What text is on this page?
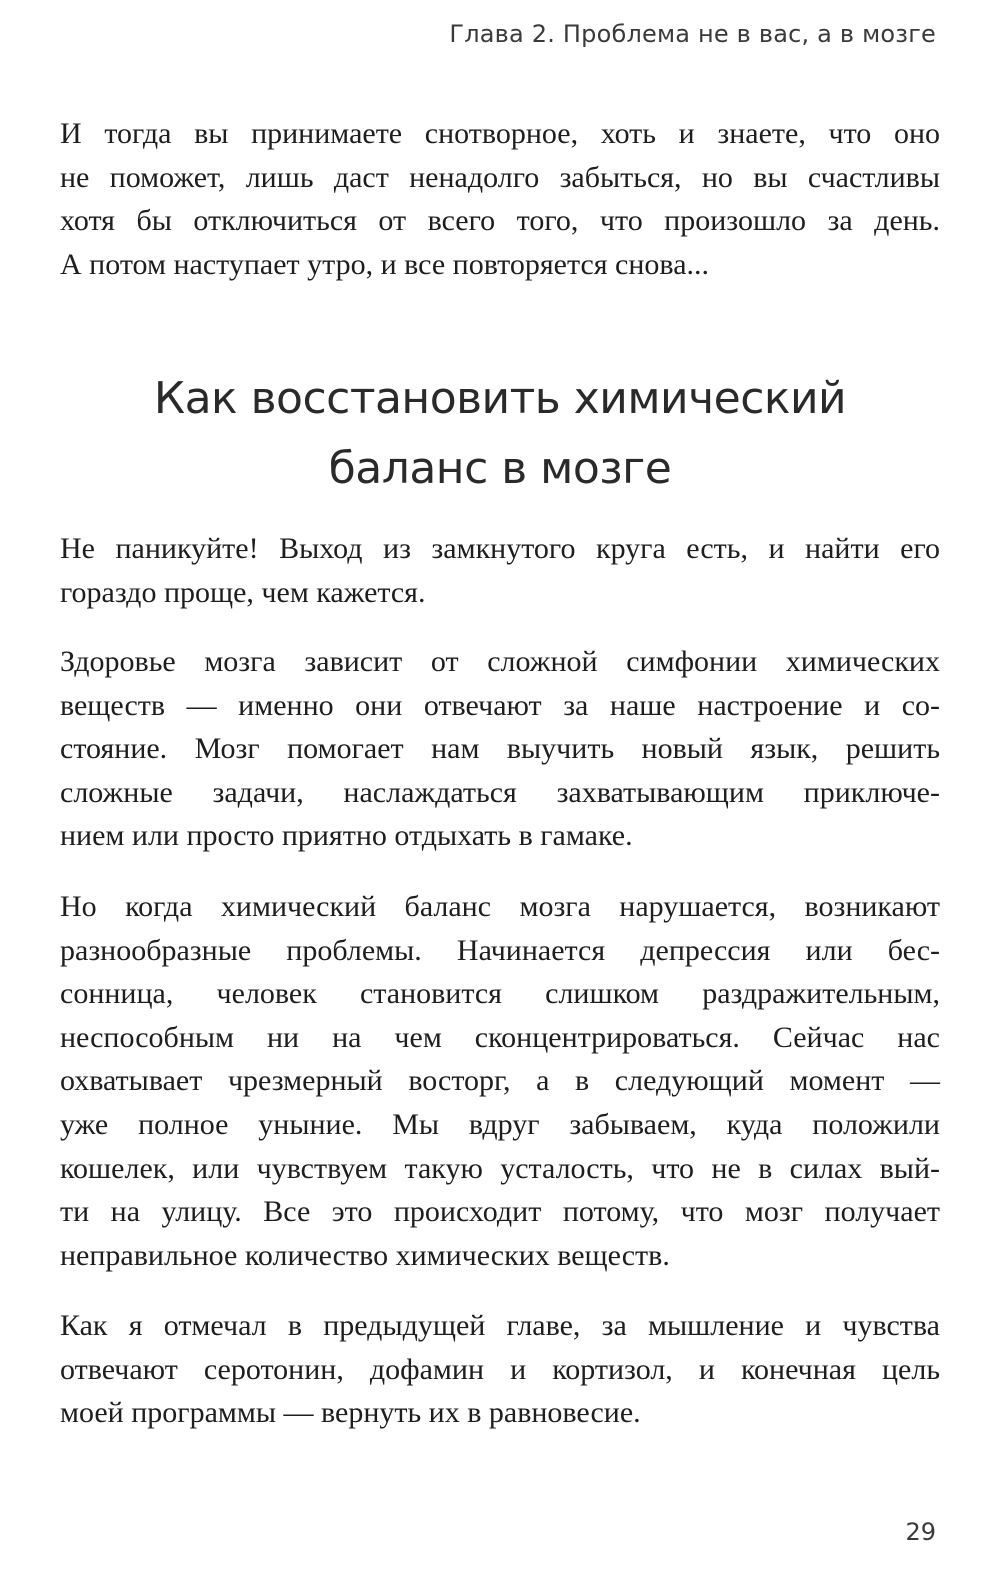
Глава 2. Проблема не в вас, а в мозге

И тогда вы принимаете снотворное, хоть и знаете, что оно
не поможет, лишь даст ненадолго забыться, но вы счастливы
хотя бы отключиться от всего того, что произошло за день.
А потом наступает утро, и все повторяется снова...

Как восстановить химический
баланс в мозге

Не паникуйте! Выход из замкнутого круга есть, и найти его
гораздо проще, чем кажется.

Здоровье мозга зависит от сложной симфонии химических
веществ — именно они отвечают за наше настроение и со-
стояние. Мозг помогает нам выучить новый язык, решить
сложные задачи, наслаждаться захватывающим приключе-
нием или просто приятно отдыхать в гамаке.

Но когда химический баланс мозга нарушается, возникают
разнообразные проблемы. Начинается депрессия или бес-
сонница, человек становится слишком раздражительным,
неспособным ни на чем сконцентрироваться. Сейчас нас
охватывает чрезмерный восторг, а в следующий момент —
уже полное уныние. Мы вдруг забываем, куда положили
кошелек, или чувствуем такую усталость, что не в силах вый-
ти на улицу. Все это происходит потому, что мозг получает
неправильное количество химических веществ.

Как я отмечал в предыдущей главе, за мышление и чувства
отвечают серотонин, дофамин и кортизол, и конечная цель
моей программы — вернуть их в равновесие.

29
